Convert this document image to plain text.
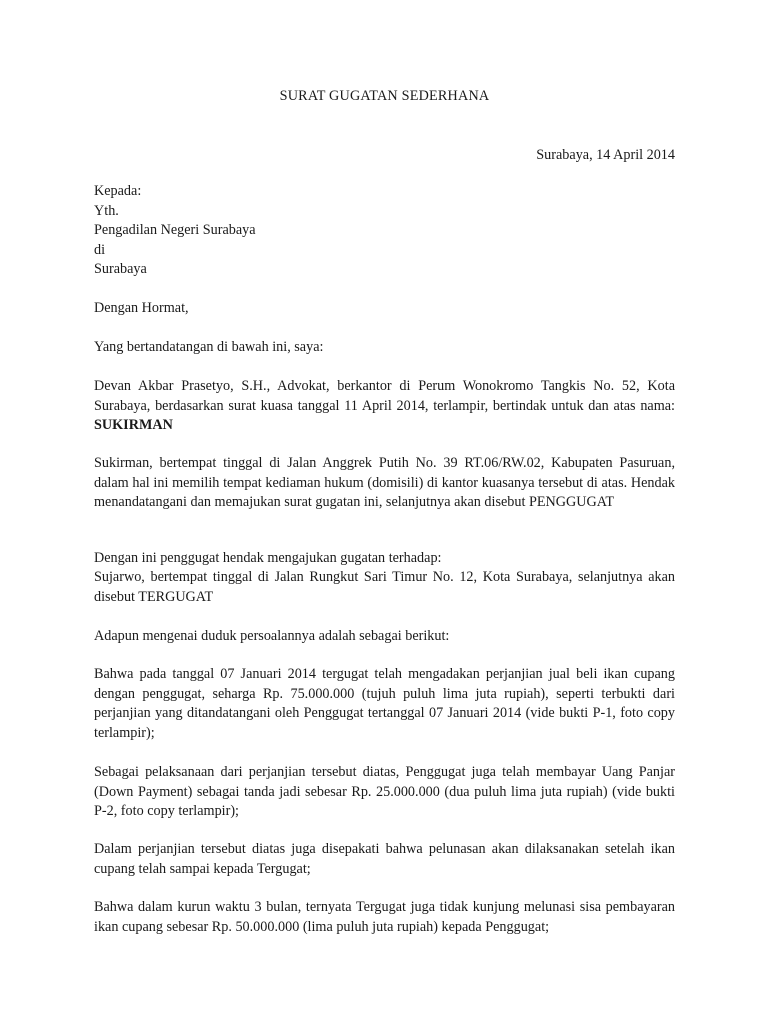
SURAT GUGATAN SEDERHANA
Surabaya, 14 April 2014
Kepada:
Yth.
Pengadilan Negeri Surabaya
di
Surabaya
Dengan Hormat,
Yang bertandatangan di bawah ini, saya:
Devan Akbar Prasetyo, S.H., Advokat, berkantor di Perum Wonokromo Tangkis No. 52, Kota Surabaya, berdasarkan surat kuasa tanggal 11 April 2014, terlampir, bertindak untuk dan atas nama: SUKIRMAN
Sukirman, bertempat tinggal di Jalan Anggrek Putih No. 39 RT.06/RW.02, Kabupaten Pasuruan, dalam hal ini memilih tempat kediaman hukum (domisili) di kantor kuasanya tersebut di atas. Hendak menandatangani dan memajukan surat gugatan ini, selanjutnya akan disebut PENGGUGAT
Dengan ini penggugat hendak mengajukan gugatan terhadap:
Sujarwo, bertempat tinggal di Jalan Rungkut Sari Timur No. 12, Kota Surabaya, selanjutnya akan disebut TERGUGAT
Adapun mengenai duduk persoalannya adalah sebagai berikut:
Bahwa pada tanggal 07 Januari 2014 tergugat telah mengadakan perjanjian jual beli ikan cupang dengan penggugat, seharga Rp. 75.000.000 (tujuh puluh lima juta rupiah), seperti terbukti dari perjanjian yang ditandatangani oleh Penggugat tertanggal 07 Januari 2014 (vide bukti P-1, foto copy terlampir);
Sebagai pelaksanaan dari perjanjian tersebut diatas, Penggugat juga telah membayar Uang Panjar (Down Payment) sebagai tanda jadi sebesar Rp. 25.000.000 (dua puluh lima juta rupiah) (vide bukti P-2, foto copy terlampir);
Dalam perjanjian tersebut diatas juga disepakati bahwa pelunasan akan dilaksanakan setelah ikan cupang telah sampai kepada Tergugat;
Bahwa dalam kurun waktu 3 bulan, ternyata Tergugat juga tidak kunjung melunasi sisa pembayaran ikan cupang sebesar Rp. 50.000.000 (lima puluh juta rupiah) kepada Penggugat;
